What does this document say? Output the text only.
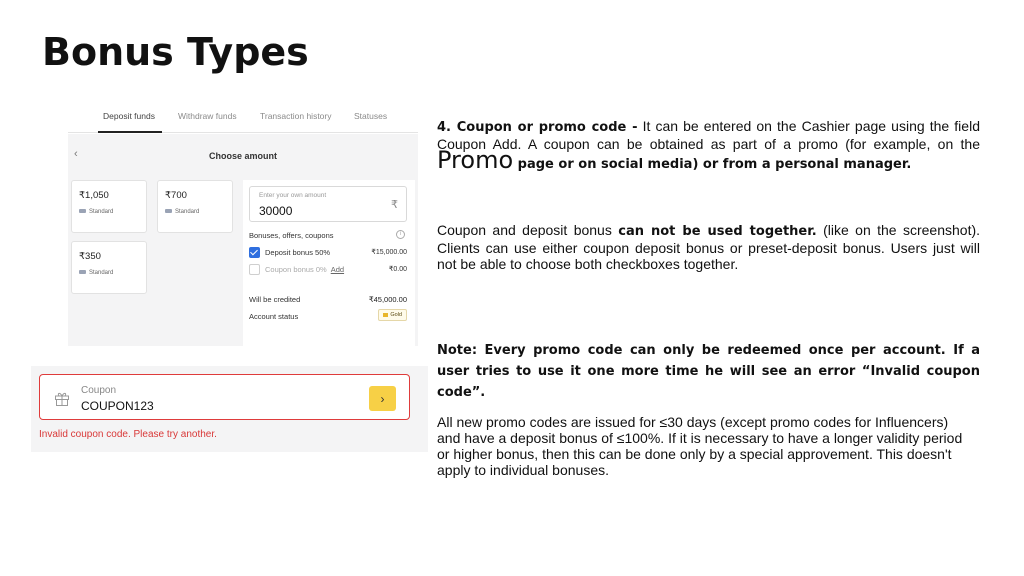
Bonus Types
Deposit funds	Withdraw funds	Transaction history	Statuses
‹	Choose amount
₹1,050
Standard
₹700
Standard
₹350
Standard
Enter your own amount
30000	₹
Bonuses, offers, coupons	i
Deposit bonus 50%	₹15,000.00
Coupon bonus 0% Add	₹0.00
Will be credited	₹45,000.00
Account status	Gold
Coupon
COUPON123
›
Invalid coupon code. Please try another.

4. Coupon or promo code - It can be entered on the Cashier page using the field Coupon Add. A coupon can be obtained as part of a promo (for example, on the Promo page or on social media) or from a personal manager.

Coupon and deposit bonus can not be used together. (like on the screenshot). Clients can use either coupon deposit bonus or preset-deposit bonus. Users just will not be able to choose both checkboxes together.

Note: Every promo code can only be redeemed once per account. If a user tries to use it one more time he will see an error “Invalid coupon code”.

All new promo codes are issued for ≤30 days (except promo codes for Influencers) and have a deposit bonus of ≤100%. If it is necessary to have a longer validity period or higher bonus, then this can be done only by a special approvement. This doesn't apply to individual bonuses.
